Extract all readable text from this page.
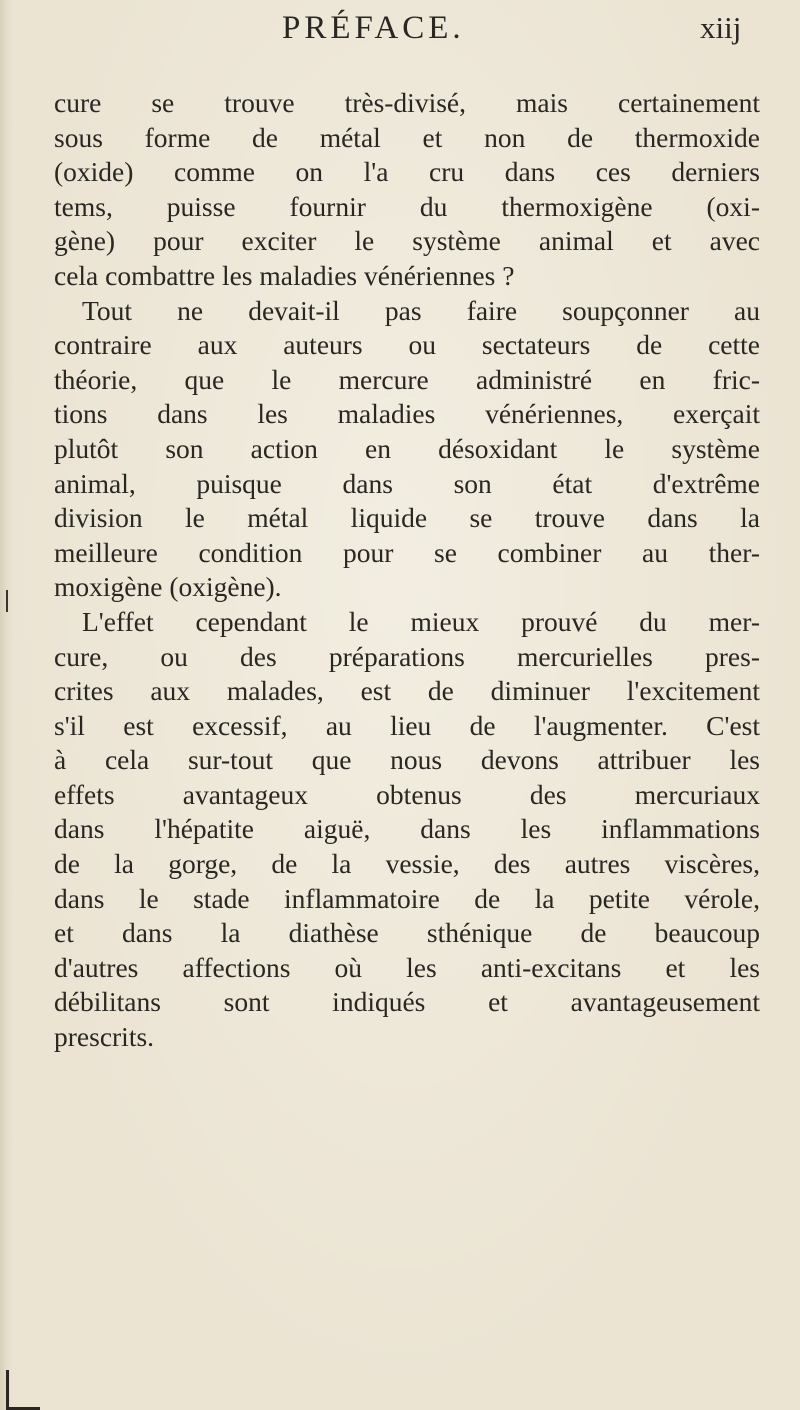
PRÉFACE.	xiij
cure se trouve très-divisé, mais certainement
sous forme de métal et non de thermoxide
(oxide) comme on l'a cru dans ces derniers
tems, puisse fournir du thermoxigène (oxi-
gène) pour exciter le système animal et avec
cela combattre les maladies vénériennes ?
Tout ne devait-il pas faire soupçonner au
contraire aux auteurs ou sectateurs de cette
théorie, que le mercure administré en fric-
tions dans les maladies vénériennes, exerçait
plutôt son action en désoxidant le système
animal, puisque dans son état d'extrême
division le métal liquide se trouve dans la
meilleure condition pour se combiner au ther-
moxigène (oxigène).
L'effet cependant le mieux prouvé du mer-
cure, ou des préparations mercurielles pres-
crites aux malades, est de diminuer l'excitement
s'il est excessif, au lieu de l'augmenter. C'est
à cela sur-tout que nous devons attribuer les
effets avantageux obtenus des mercuriaux
dans l'hépatite aiguë, dans les inflammations
de la gorge, de la vessie, des autres viscères,
dans le stade inflammatoire de la petite vérole,
et dans la diathèse sthénique de beaucoup
d'autres affections où les anti-excitans et les
débilitans sont indiqués et avantageusement
prescrits.
